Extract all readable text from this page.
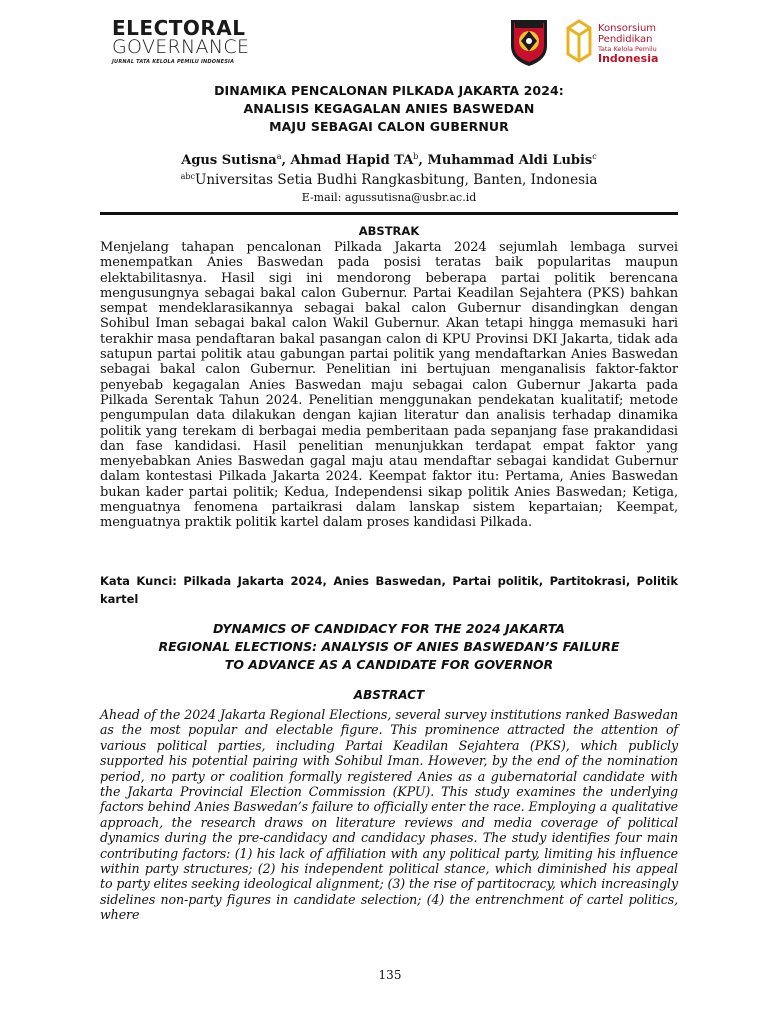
ELECTORAL
GOVERNANCE
JURNAL TATA KELOLA PEMILU INDONESIA
Konsorsium
Pendidikan
Tata Kelola Pemilu
Indonesia
DINAMIKA PENCALONAN PILKADA JAKARTA 2024:
ANALISIS KEGAGALAN ANIES BASWEDAN
MAJU SEBAGAI CALON GUBERNUR
Agus Sutisna$^a$, Ahmad Hapid $TA^b$, Muhammad Aldi Lubis$^c$
$^{abc}$Universitas Setia Budhi Rangkasbitung, Banten, Indonesia
E-mail: agussutisna@usbr.ac.id
ABSTRAK
Menjelang tahapan pencalonan Pilkada Jakarta 2024 sejumlah lembaga survei menempatkan Anies Baswedan pada posisi teratas baik popularitas maupun elektabilitasnya. Hasil sigi ini mendorong beberapa partai politik berencana mengusungnya sebagai bakal calon Gubernur. Partai Keadilan Sejahtera (PKS) bahkan sempat mendeklarasikannya sebagai bakal calon Gubernur disandingkan dengan Sohibul Iman sebagai bakal calon Wakil Gubernur. Akan tetapi hingga memasuki hari terakhir masa pendaftaran bakal pasangan calon di KPU Provinsi DKI Jakarta, tidak ada satupun partai politik atau gabungan partai politik yang mendaftarkan Anies Baswedan sebagai bakal calon Gubernur. Penelitian ini bertujuan menganalisis faktor-faktor penyebab kegagalan Anies Baswedan maju sebagai calon Gubernur Jakarta pada Pilkada Serentak Tahun 2024. Penelitian menggunakan pendekatan kualitatif; metode pengumpulan data dilakukan dengan kajian literatur dan analisis terhadap dinamika politik yang terekam di berbagai media pemberitaan pada sepanjang fase prakandidasi dan fase kandidasi. Hasil penelitian menunjukkan terdapat empat faktor yang menyebabkan Anies Baswedan gagal maju atau mendaftar sebagai kandidat Gubernur dalam kontestasi Pilkada Jakarta 2024. Keempat faktor itu: Pertama, Anies Baswedan bukan kader partai politik; Kedua, Independensi sikap politik Anies Baswedan; Ketiga, menguatnya fenomena partaikrasi dalam lanskap sistem kepartaian; Keempat, menguatnya praktik politik kartel dalam proses kandidasi Pilkada.
Kata Kunci: Pilkada Jakarta 2024, Anies Baswedan, Partai politik, Partitokrasi, Politik kartel
DYNAMICS OF CANDIDACY FOR THE 2024 JAKARTA
REGIONAL ELECTIONS: ANALYSIS OF ANIES BASWEDAN’S FAILURE
TO ADVANCE AS A CANDIDATE FOR GOVERNOR
ABSTRACT
Ahead of the 2024 Jakarta Regional Elections, several survey institutions ranked Baswedan as the most popular and electable figure. This prominence attracted the attention of various political parties, including Partai Keadilan Sejahtera (PKS), which publicly supported his potential pairing with Sohibul Iman. However, by the end of the nomination period, no party or coalition formally registered Anies as a gubernatorial candidate with the Jakarta Provincial Election Commission (KPU). This study examines the underlying factors behind Anies Baswedan’s failure to officially enter the race. Employing a qualitative approach, the research draws on literature reviews and media coverage of political dynamics during the pre-candidacy and candidacy phases. The study identifies four main contributing factors: (1) his lack of affiliation with any political party, limiting his influence within party structures; (2) his independent political stance, which diminished his appeal to party elites seeking ideological alignment; (3) the rise of partitocracy, which increasingly sidelines non-party figures in candidate selection; (4) the entrenchment of cartel politics, where
135
